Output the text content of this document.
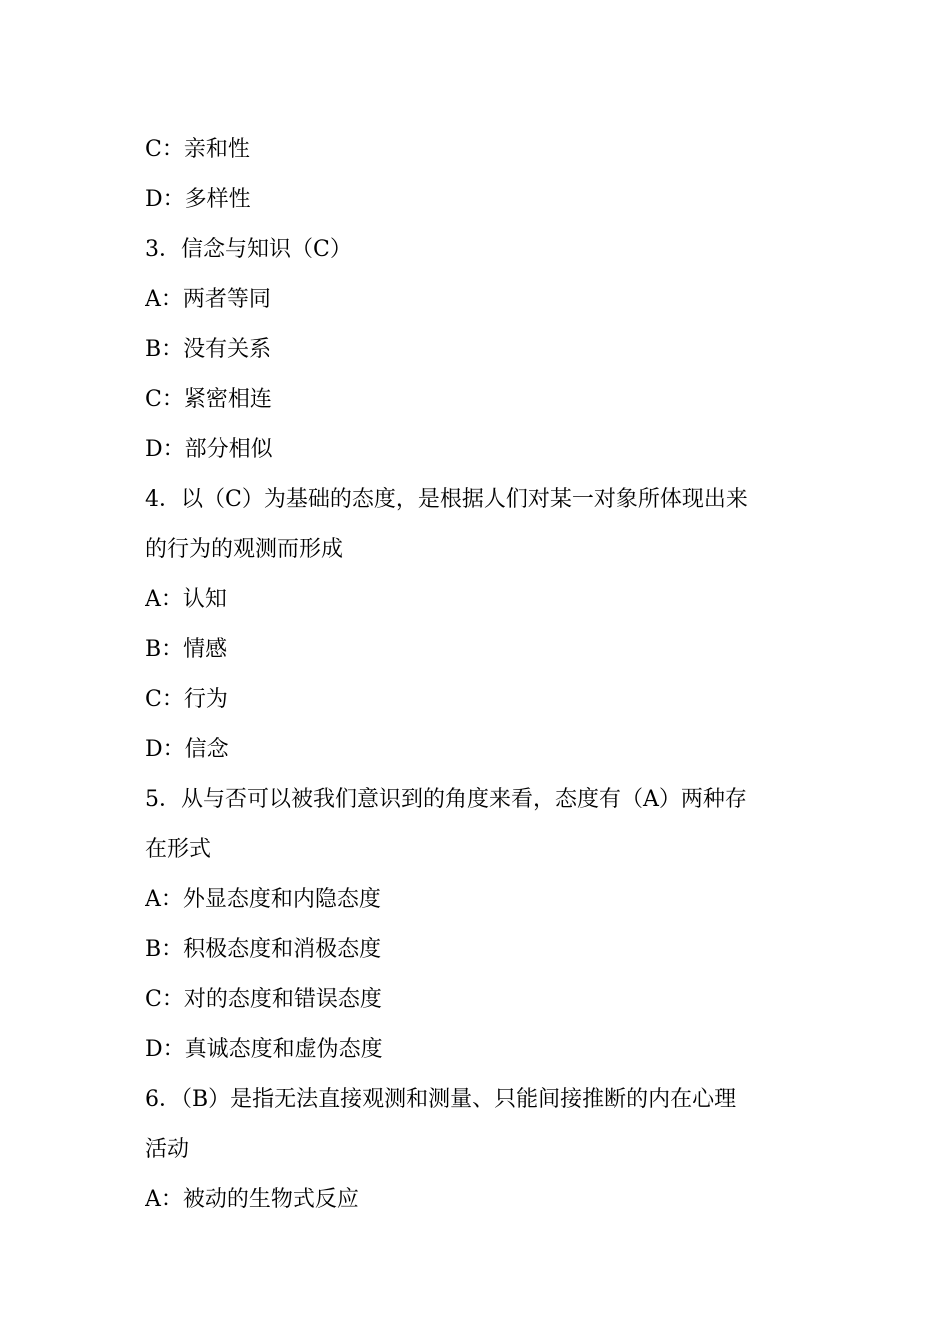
C：亲和性
D：多样性
3．信念与知识（C）
A：两者等同
B：没有关系
C：紧密相连
D：部分相似
4．以（C）为基础的态度，是根据人们对某一对象所体现出来
的行为的观测而形成
A：认知
B：情感
C：行为
D：信念
5．从与否可以被我们意识到的角度来看，态度有（A）两种存
在形式
A：外显态度和内隐态度
B：积极态度和消极态度
C：对的态度和错误态度
D：真诚态度和虚伪态度
6．（B）是指无法直接观测和测量、只能间接推断的内在心理
活动
A：被动的生物式反应
